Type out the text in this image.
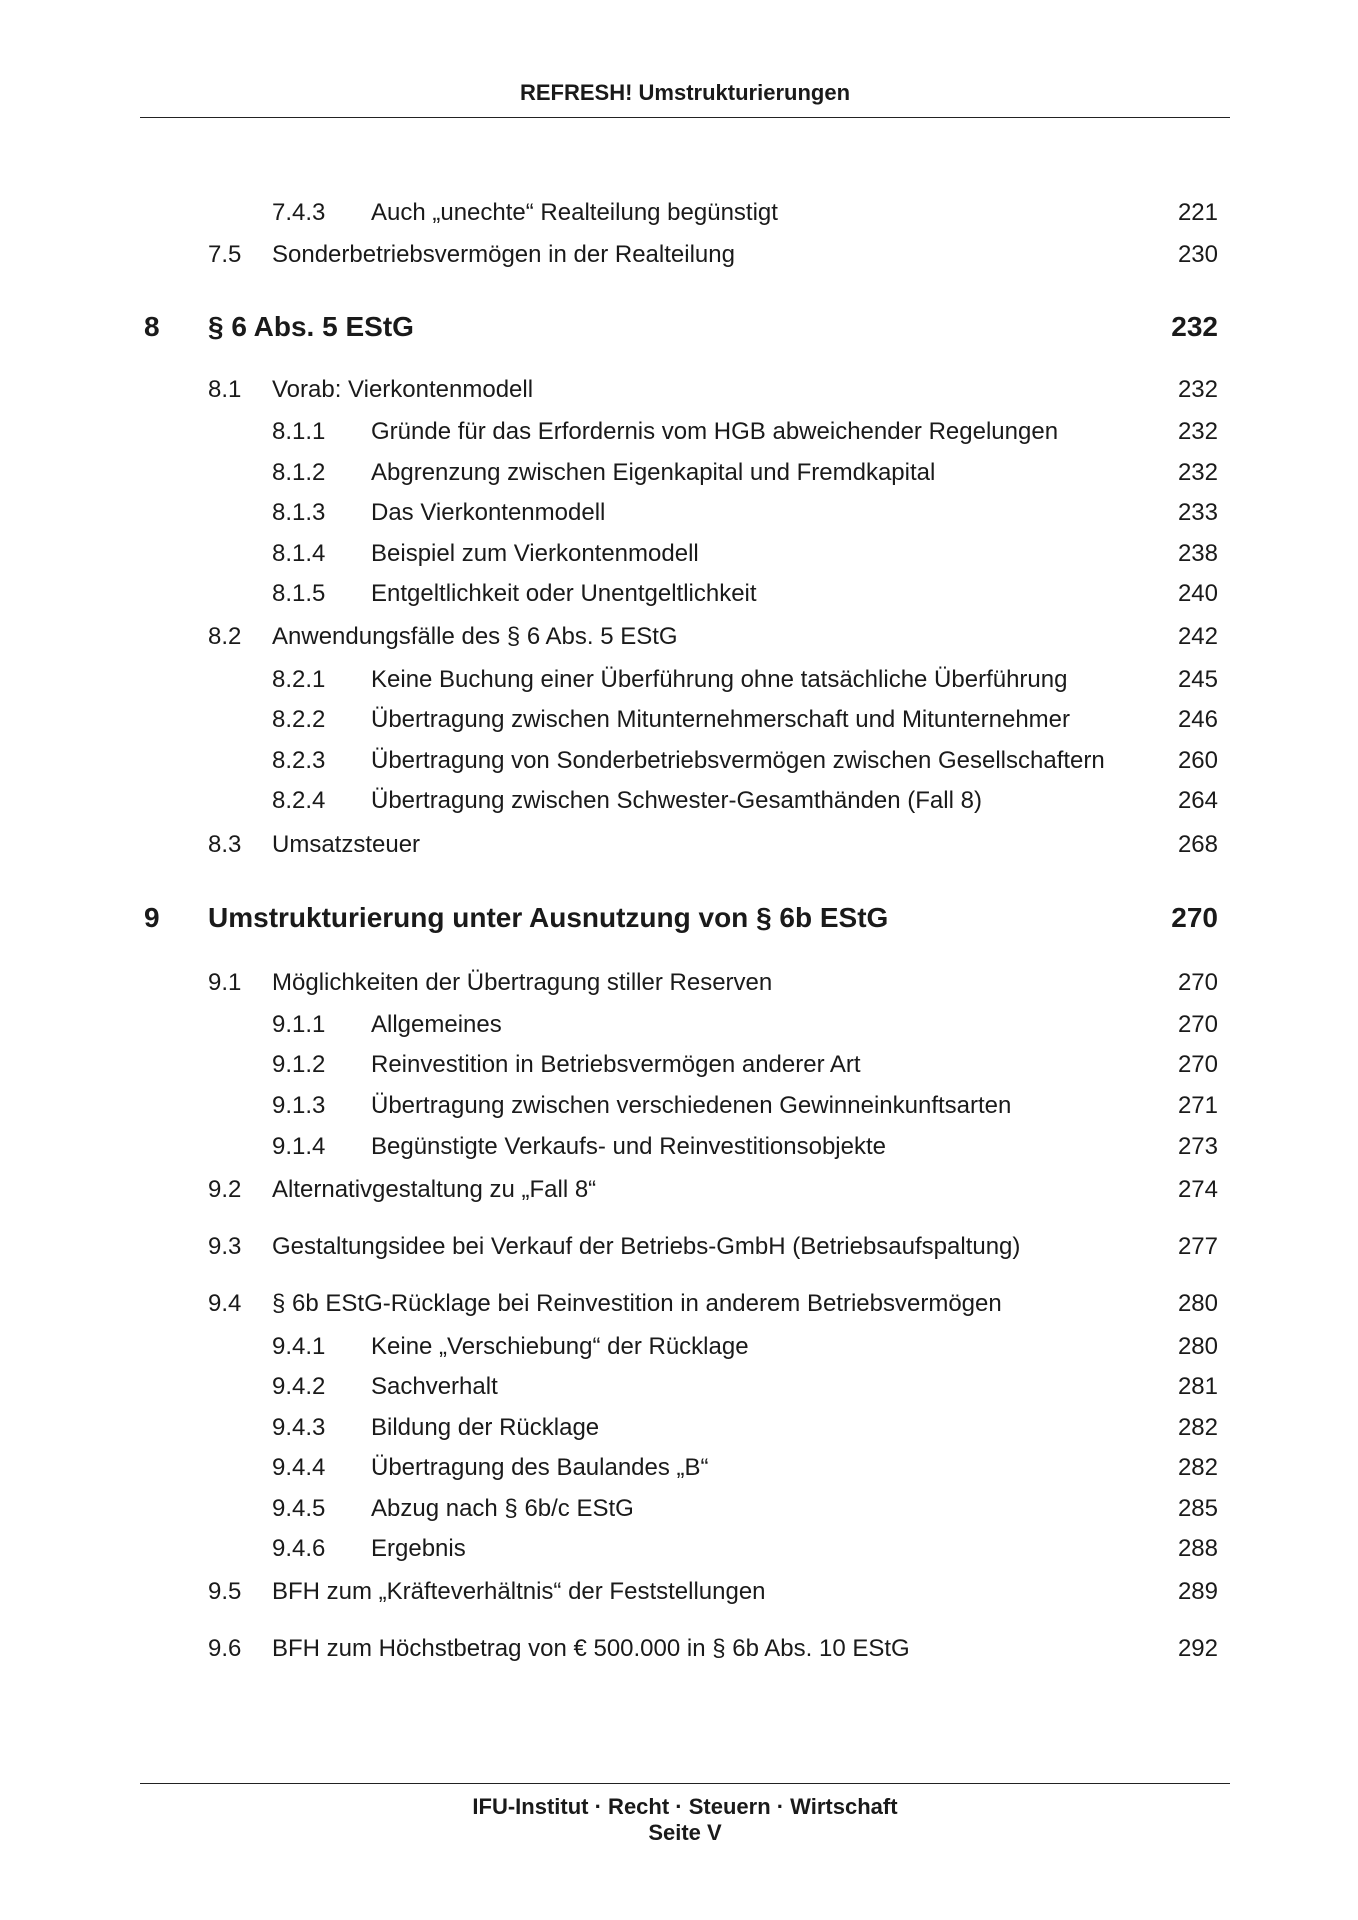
REFRESH! Umstrukturierungen
7.4.3 Auch „unechte“ Realteilung begünstigt	221
7.5 Sonderbetriebsvermögen in der Realteilung	230
8 § 6 Abs. 5 EStG	232
8.1 Vorab: Vierkontenmodell	232
8.1.1 Gründe für das Erfordernis vom HGB abweichender Regelungen	232
8.1.2 Abgrenzung zwischen Eigenkapital und Fremdkapital	232
8.1.3 Das Vierkontenmodell	233
8.1.4 Beispiel zum Vierkontenmodell	238
8.1.5 Entgeltlichkeit oder Unentgeltlichkeit	240
8.2 Anwendungsfälle des § 6 Abs. 5 EStG	242
8.2.1 Keine Buchung einer Überführung ohne tatsächliche Überführung	245
8.2.2 Übertragung zwischen Mitunternehmerschaft und Mitunternehmer	246
8.2.3 Übertragung von Sonderbetriebsvermögen zwischen Gesellschaftern	260
8.2.4 Übertragung zwischen Schwester-Gesamthänden (Fall 8)	264
8.3 Umsatzsteuer	268
9 Umstrukturierung unter Ausnutzung von § 6b EStG	270
9.1 Möglichkeiten der Übertragung stiller Reserven	270
9.1.1 Allgemeines	270
9.1.2 Reinvestition in Betriebsvermögen anderer Art	270
9.1.3 Übertragung zwischen verschiedenen Gewinneinkunftsarten	271
9.1.4 Begünstigte Verkaufs- und Reinvestitionsobjekte	273
9.2 Alternativgestaltung zu „Fall 8“	274
9.3 Gestaltungsidee bei Verkauf der Betriebs-GmbH (Betriebsaufspaltung)	277
9.4 § 6b EStG-Rücklage bei Reinvestition in anderem Betriebsvermögen	280
9.4.1 Keine „Verschiebung“ der Rücklage	280
9.4.2 Sachverhalt	281
9.4.3 Bildung der Rücklage	282
9.4.4 Übertragung des Baulandes „B“	282
9.4.5 Abzug nach § 6b/c EStG	285
9.4.6 Ergebnis	288
9.5 BFH zum „Kräfteverhältnis“ der Feststellungen	289
9.6 BFH zum Höchstbetrag von € 500.000 in § 6b Abs. 10 EStG	292
IFU-Institut · Recht · Steuern · Wirtschaft
Seite V
